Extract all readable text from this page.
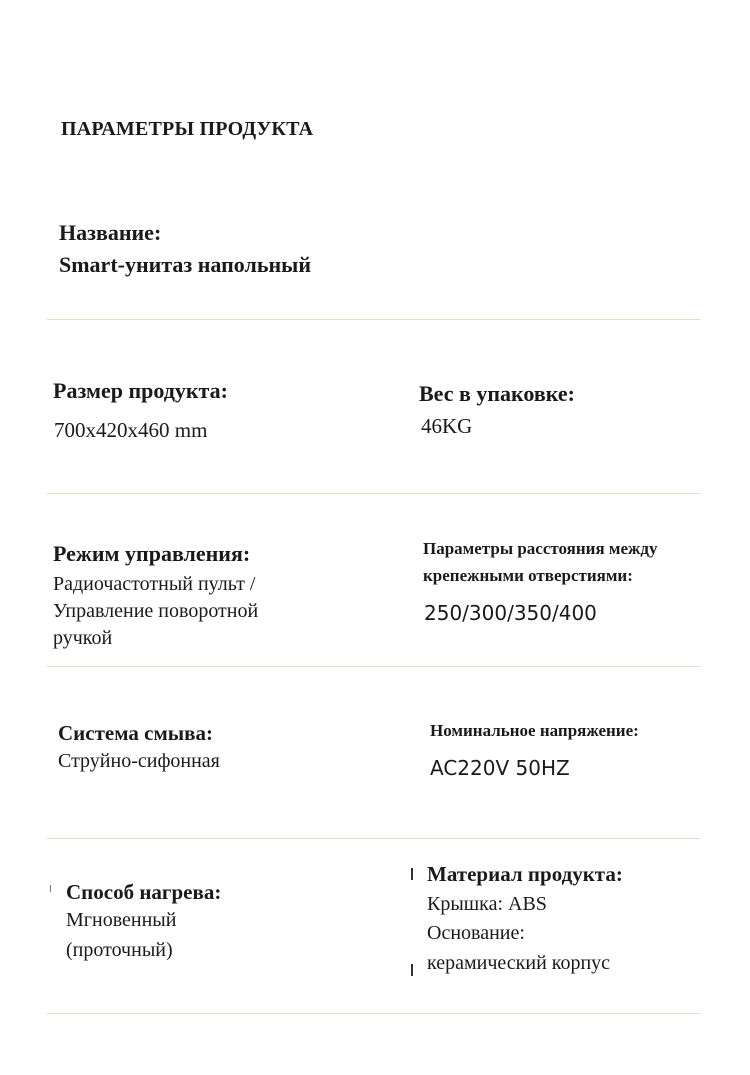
ПАРАМЕТРЫ ПРОДУКТА
Название:
Smart-унитаз напольный
Размер продукта:
700x420x460 mm
Вес в упаковке:
46KG
Режим управления:
Радиочастотный пульт /
Управление поворотной
ручкой
Параметры расстояния между
крепежными отверстиями:
250/300/350/400
Система смыва:
Струйно-сифонная
Номинальное напряжение:
AC220V 50HZ
Способ нагрева:
Мгновенный
(проточный)
Материал продукта:
Крышка: ABS
Основание:
керамический корпус
